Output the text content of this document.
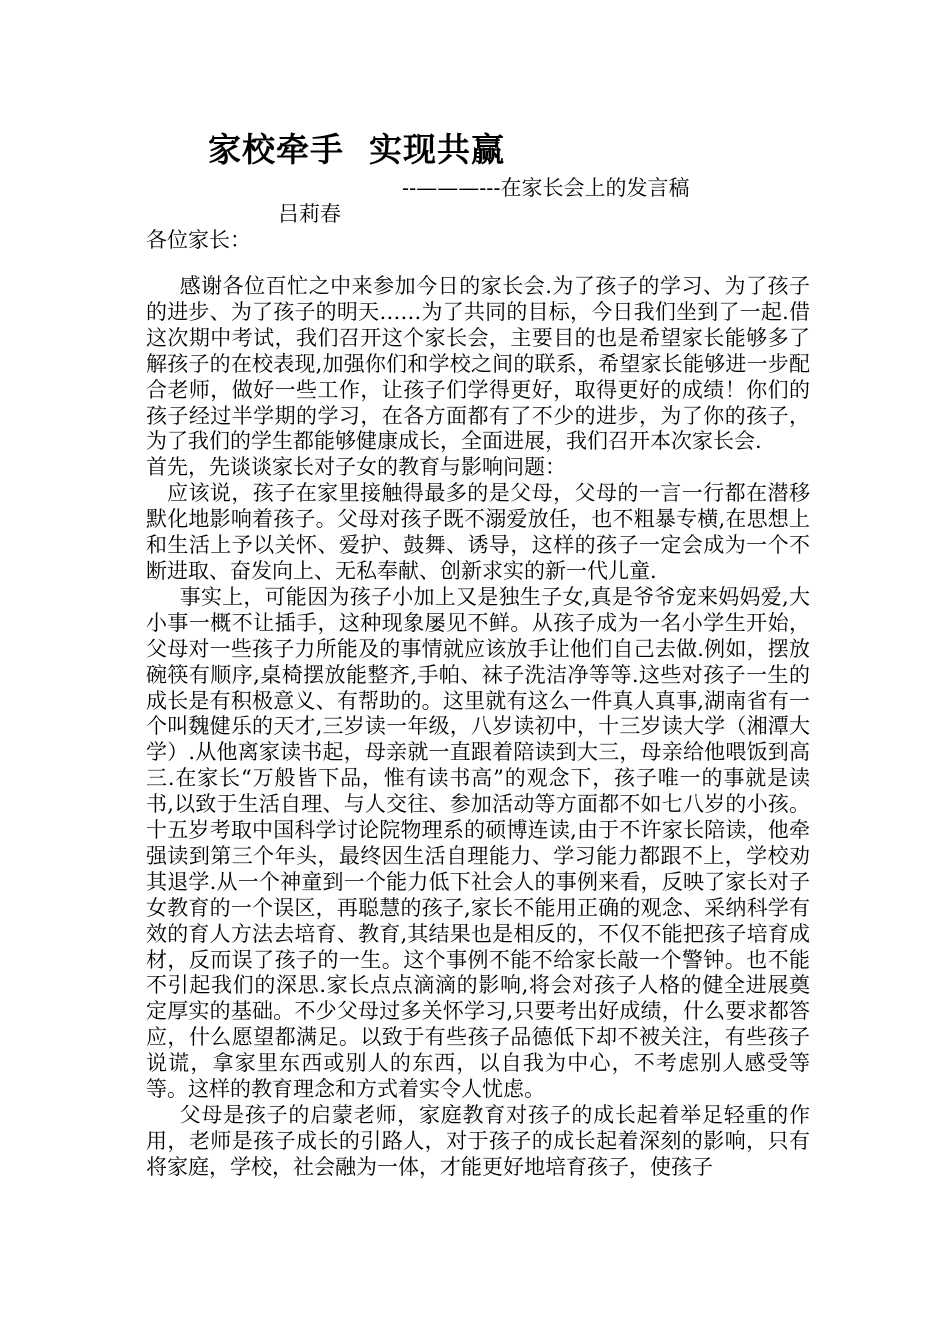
家校牵手  实现共赢
--———---在家长会上的发言稿
吕莉春
各位家长：

感谢各位百忙之中来参加今日的家长会.为了孩子的学习、为了孩子的进步、为了孩子的明天……为了共同的目标，今日我们坐到了一起.借这次期中考试，我们召开这个家长会，主要目的也是希望家长能够多了解孩子的在校表现,加强你们和学校之间的联系，希望家长能够进一步配合老师，做好一些工作，让孩子们学得更好，取得更好的成绩！你们的孩子经过半学期的学习，在各方面都有了不少的进步，为了你的孩子，为了我们的学生都能够健康成长，全面进展，我们召开本次家长会.

首先，先谈谈家长对子女的教育与影响问题：

应该说，孩子在家里接触得最多的是父母，父母的一言一行都在潜移默化地影响着孩子。父母对孩子既不溺爱放任，也不粗暴专横,在思想上和生活上予以关怀、爱护、鼓舞、诱导，这样的孩子一定会成为一个不断进取、奋发向上、无私奉献、创新求实的新一代儿童.

事实上，可能因为孩子小加上又是独生子女,真是爷爷宠来妈妈爱,大小事一概不让插手，这种现象屡见不鲜。从孩子成为一名小学生开始，父母对一些孩子力所能及的事情就应该放手让他们自己去做.例如，摆放碗筷有顺序,桌椅摆放能整齐,手帕、袜子洗洁净等等.这些对孩子一生的成长是有积极意义、有帮助的。这里就有这么一件真人真事,湖南省有一个叫魏健乐的天才,三岁读一年级，八岁读初中，十三岁读大学（湘潭大学）.从他离家读书起，母亲就一直跟着陪读到大三，母亲给他喂饭到高三.在家长“万般皆下品，惟有读书高”的观念下，孩子唯一的事就是读书,以致于生活自理、与人交往、参加活动等方面都不如七八岁的小孩。十五岁考取中国科学讨论院物理系的硕博连读,由于不许家长陪读，他牵强读到第三个年头，最终因生活自理能力、学习能力都跟不上，学校劝其退学.从一个神童到一个能力低下社会人的事例来看，反映了家长对子女教育的一个误区，再聪慧的孩子,家长不能用正确的观念、采纳科学有效的育人方法去培育、教育,其结果也是相反的，不仅不能把孩子培育成材，反而误了孩子的一生。这个事例不能不给家长敲一个警钟。也不能不引起我们的深思.家长点点滴滴的影响,将会对孩子人格的健全进展奠定厚实的基础。不少父母过多关怀学习,只要考出好成绩，什么要求都答应，什么愿望都满足。以致于有些孩子品德低下却不被关注，有些孩子说谎，拿家里东西或别人的东西，以自我为中心，不考虑别人感受等等。这样的教育理念和方式着实令人忧虑。

父母是孩子的启蒙老师，家庭教育对孩子的成长起着举足轻重的作用，老师是孩子成长的引路人，对于孩子的成长起着深刻的影响，只有将家庭，学校，社会融为一体，才能更好地培育孩子，使孩子
